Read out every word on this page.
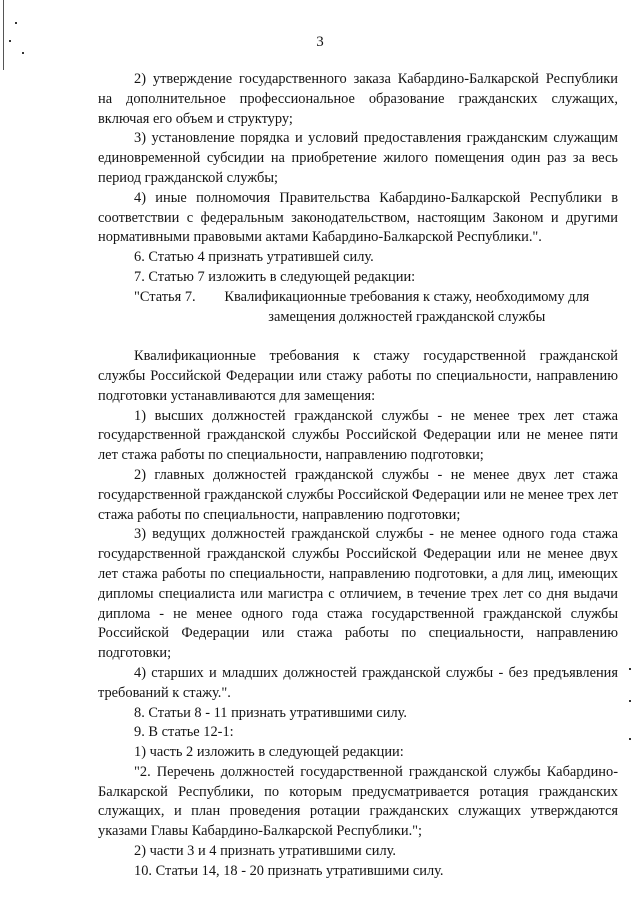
3

2) утверждение государственного заказа Кабардино-Балкарской Республики на дополнительное профессиональное образование гражданских служащих, включая его объем и структуру;

3) установление порядка и условий предоставления гражданским служащим единовременной субсидии на приобретение жилого помещения один раз за весь период гражданской службы;

4) иные полномочия Правительства Кабардино-Балкарской Республики в соответствии с федеральным законодательством, настоящим Законом и другими нормативными правовыми актами Кабардино-Балкарской Республики.".

6. Статью 4 признать утратившей силу.

7. Статью 7 изложить в следующей редакции:

"Статья 7.	Квалификационные требования к стажу, необходимому для замещения должностей гражданской службы

Квалификационные требования к стажу государственной гражданской службы Российской Федерации или стажу работы по специальности, направлению подготовки устанавливаются для замещения:

1) высших должностей гражданской службы - не менее трех лет стажа государственной гражданской службы Российской Федерации или не менее пяти лет стажа работы по специальности, направлению подготовки;

2) главных должностей гражданской службы - не менее двух лет стажа государственной гражданской службы Российской Федерации или не менее трех лет стажа работы по специальности, направлению подготовки;

3) ведущих должностей гражданской службы - не менее одного года стажа государственной гражданской службы Российской Федерации или не менее двух лет стажа работы по специальности, направлению подготовки, а для лиц, имеющих дипломы специалиста или магистра с отличием, в течение трех лет со дня выдачи диплома - не менее одного года стажа государственной гражданской службы Российской Федерации или стажа работы по специальности, направлению подготовки;

4) старших и младших должностей гражданской службы - без предъявления требований к стажу.".

8. Статьи 8 - 11 признать утратившими силу.

9. В статье 12-1:

1) часть 2 изложить в следующей редакции:

"2. Перечень должностей государственной гражданской службы Кабардино-Балкарской Республики, по которым предусматривается ротация гражданских служащих, и план проведения ротации гражданских служащих утверждаются указами Главы Кабардино-Балкарской Республики.";

2) части 3 и 4 признать утратившими силу.

10. Статьи 14, 18 - 20 признать утратившими силу.
